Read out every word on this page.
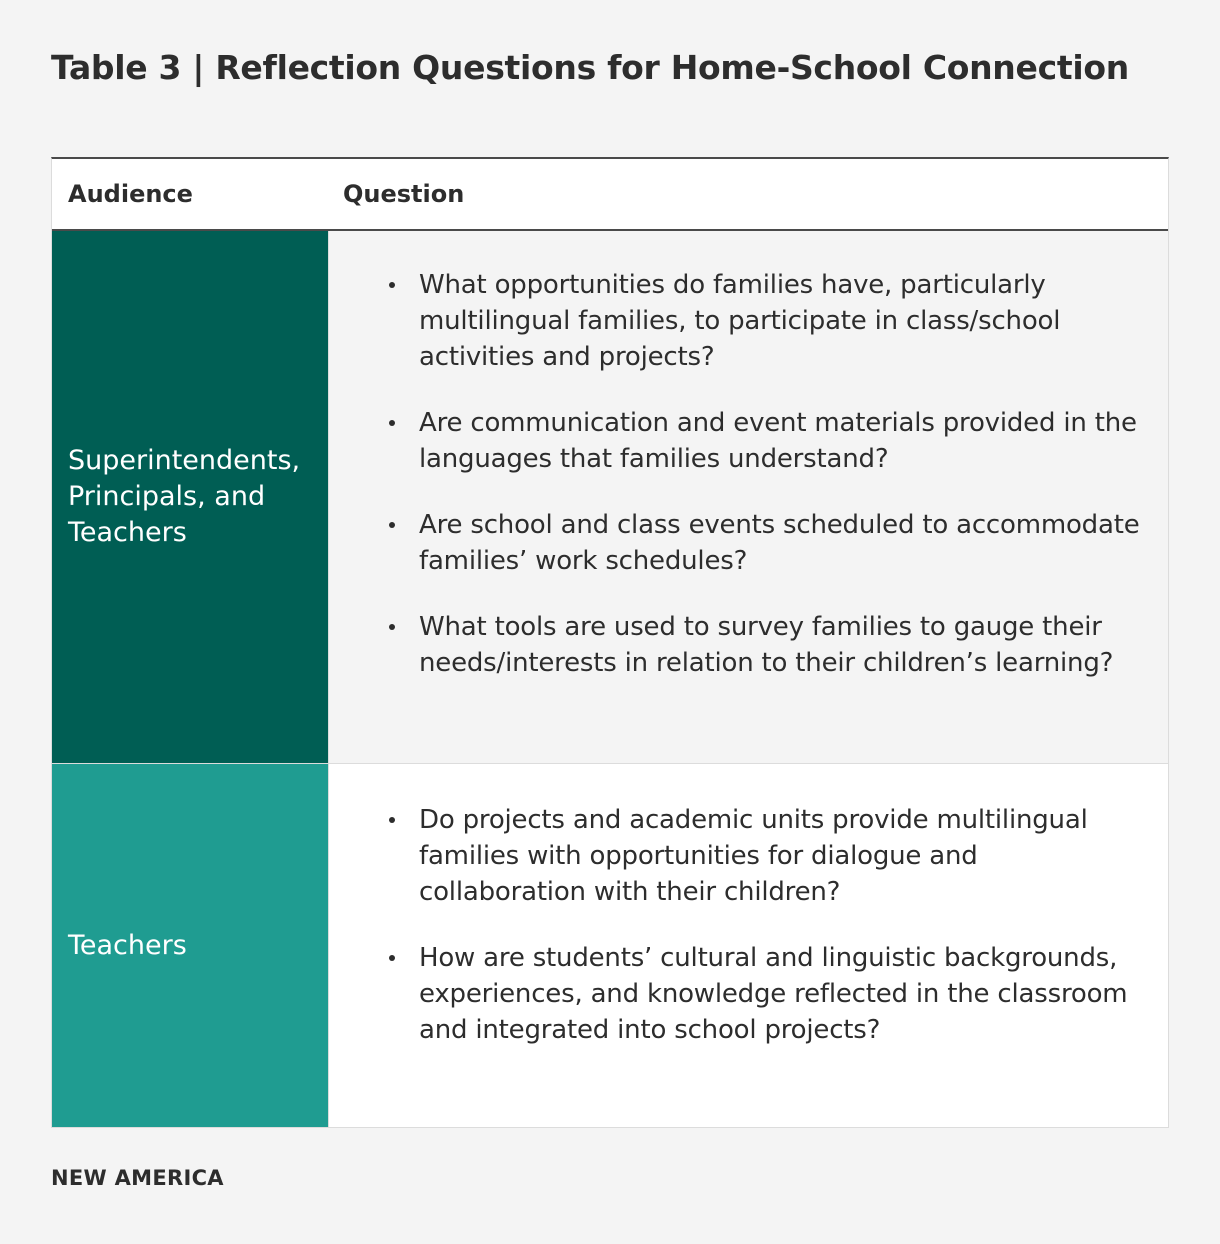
Table 3 | Reflection Questions for Home-School Connection
Audience	Question
Superintendents, Principals, and Teachers
What opportunities do families have, particularly multilingual families, to participate in class/school activities and projects?
Are communication and event materials provided in the languages that families understand?
Are school and class events scheduled to accommodate families’ work schedules?
What tools are used to survey families to gauge their needs/interests in relation to their children’s learning?
Teachers
Do projects and academic units provide multilingual families with opportunities for dialogue and collaboration with their children?
How are students’ cultural and linguistic backgrounds, experiences, and knowledge reflected in the classroom and integrated into school projects?
NEW AMERICA
